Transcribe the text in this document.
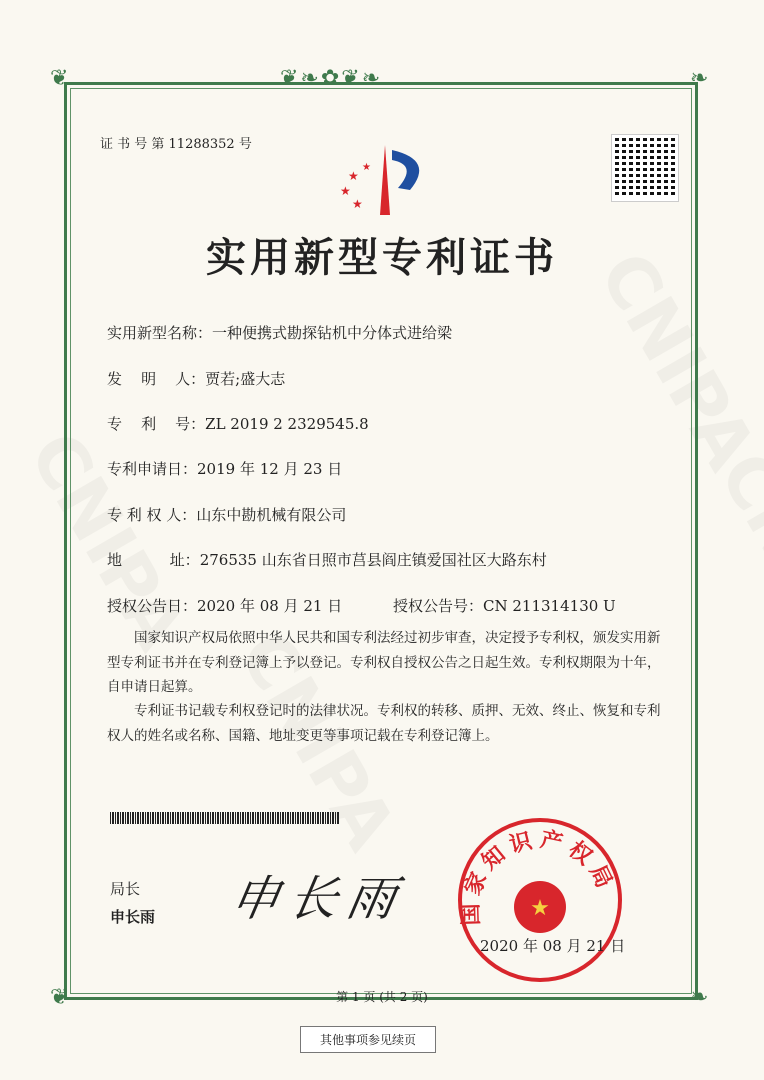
❦❧✿❦❧
❦	❧
❦	❧
证 书 号 第 11288352 号
★
★
★
★
实用新型专利证书
实用新型名称：一种便携式勘探钻机中分体式进给梁
发    明    人：贾若;盛大志
专    利    号：ZL 2019 2 2329545.8
专利申请日：2019 年 12 月 23 日
专 利 权 人：山东中勘机械有限公司
地          址：276535 山东省日照市莒县阎庄镇爱国社区大路东村
授权公告日：2020 年 08 月 21 日	授权公告号：CN 211314130 U
国家知识产权局依照中华人民共和国专利法经过初步审查，决定授予专利权，颁发实用新型专利证书并在专利登记簿上予以登记。专利权自授权公告之日起生效。专利权期限为十年，自申请日起算。
专利证书记载专利权登记时的法律状况。专利权的转移、质押、无效、终止、恢复和专利权人的姓名或名称、国籍、地址变更等事项记载在专利登记簿上。
局长
申长雨 申长雨 国家知识产权局
★
2020 年 08 月 21 日
第 1 页 (共 2 页)
其他事项参见续页
